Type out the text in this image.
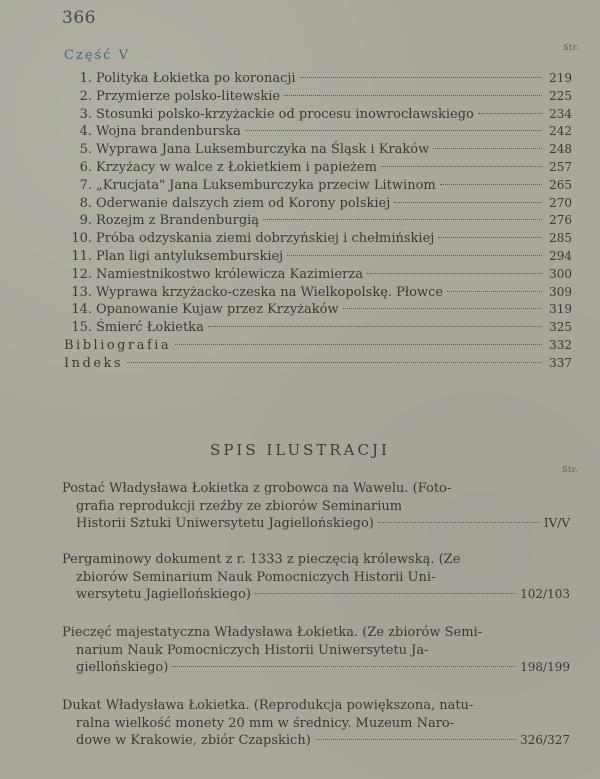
366
Część V
Str.
1. Polityka Łokietka po koronacji	219
2. Przymierze polsko-litewskie	225
3. Stosunki polsko-krzyżackie od procesu inowrocławskiego	234
4. Wojna brandenburska	242
5. Wyprawa Jana Luksemburczyka na Śląsk i Kraków	248
6. Krzyżacy w walce z Łokietkiem i papieżem	257
7. „Krucjata" Jana Luksemburczyka przeciw Litwinom	265
8. Oderwanie dalszych ziem od Korony polskiej	270
9. Rozejm z Brandenburgią	276
10. Próba odzyskania ziemi dobrzyńskiej i chełmińskiej	285
11. Plan ligi antyluksemburskiej	294
12. Namiestnikostwo królewicza Kazimierza	300
13. Wyprawa krzyżacko-czeska na Wielkopolskę. Płowce	309
14. Opanowanie Kujaw przez Krzyżaków	319
15. Śmierć Łokietka	325
Bibliografia	332
Indeks	337
SPIS ILUSTRACJI
Str.
Postać Władysława Łokietka z grobowca na Wawelu. (Foto-
grafia reprodukcji rzeźby ze zbiorów Seminarium
Historii Sztuki Uniwersytetu Jagiellońskiego)	IV/V
Pergaminowy dokument z r. 1333 z pieczęcią królewską. (Ze
zbiorów Seminarium Nauk Pomocniczych Historii Uni-
wersytetu Jagiellońskiego)	102/103
Pieczęć majestatyczna Władysława Łokietka. (Ze zbiorów Semi-
narium Nauk Pomocniczych Historii Uniwersytetu Ja-
giellońskiego)	198/199
Dukat Władysława Łokietka. (Reprodukcja powiększona, natu-
ralna wielkość monety 20 mm w średnicy. Muzeum Naro-
dowe w Krakowie, zbiór Czapskich)	326/327
